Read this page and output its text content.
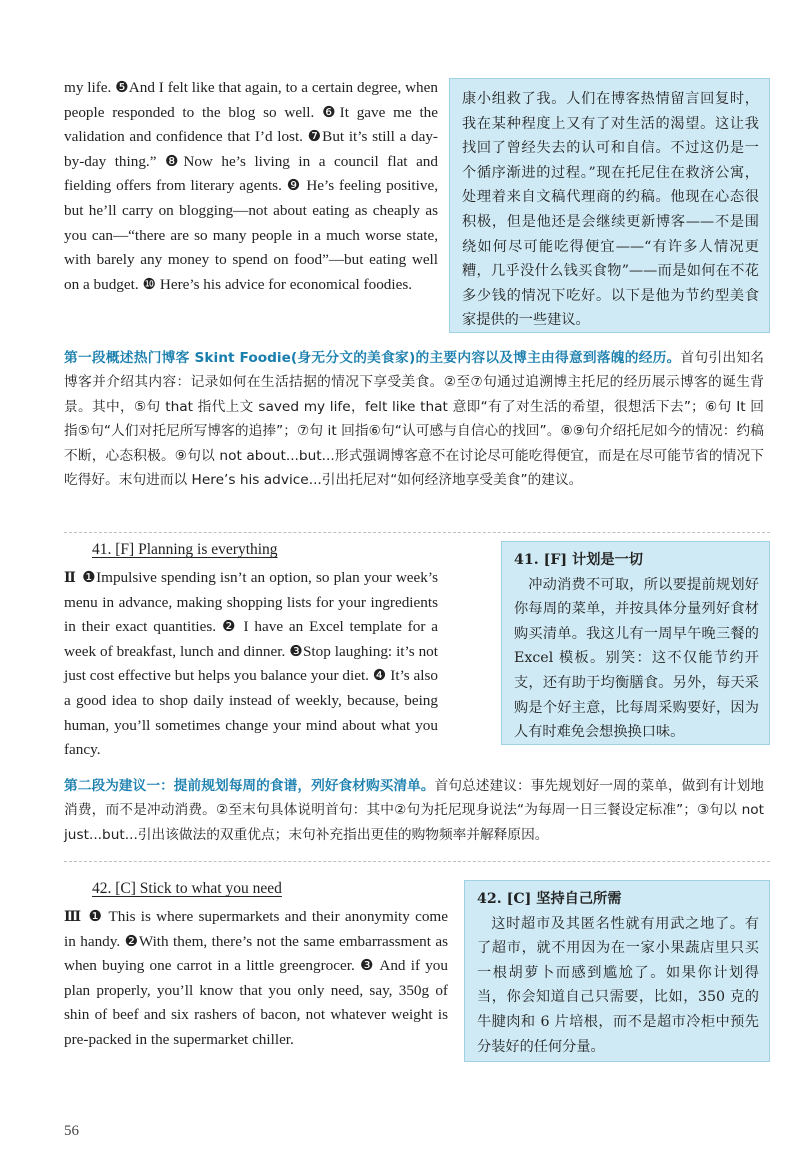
my life. ❺And I felt like that again, to a certain degree, when people responded to the blog so well. ❻It gave me the validation and confidence that I’d lost. ❼But it’s still a day-by-day thing.” ❽Now he’s living in a council flat and fielding offers from literary agents. ❾ He’s feeling positive, but he’ll carry on blogging—not about eating as cheaply as you can—“there are so many people in a much worse state, with barely any money to spend on food”—but eating well on a budget. ❿ Here’s his advice for economical foodies.

康小组救了我。人们在博客热情留言回复时，我在某种程度上又有了对生活的渴望。这让我找回了曾经失去的认可和自信。不过这仍是一个循序渐进的过程。”现在托尼住在救济公寓，处理着来自文稿代理商的约稿。他现在心态很积极，但是他还是会继续更新博客——不是围绕如何尽可能吃得便宜——“有许多人情况更糟，几乎没什么钱买食物”——而是如何在不花多少钱的情况下吃好。以下是他为节约型美食家提供的一些建议。

第一段概述热门博客 Skint Foodie(身无分文的美食家)的主要内容以及博主由得意到落魄的经历。首句引出知名博客并介绍其内容：记录如何在生活拮据的情况下享受美食。②至⑦句通过追溯博主托尼的经历展示博客的诞生背景。其中，⑤句 that 指代上文 saved my life，felt like that 意即“有了对生活的希望，很想活下去”；⑥句 It 回指⑤句“人们对托尼所写博客的追捧”；⑦句 it 回指⑥句“认可感与自信心的找回”。⑧⑨句介绍托尼如今的情况：约稿不断，心态积极。⑨句以 not about...but...形式强调博客意不在讨论尽可能吃得便宜，而是在尽可能节省的情况下吃得好。末句进而以 Here’s his advice...引出托尼对“如何经济地享受美食”的建议。

41. [F] Planning is everything

Ⅱ ❶Impulsive spending isn’t an option, so plan your week’s menu in advance, making shopping lists for your ingredients in their exact quantities. ❷ I have an Excel template for a week of breakfast, lunch and dinner. ❸Stop laughing: it’s not just cost effective but helps you balance your diet. ❹ It’s also a good idea to shop daily instead of weekly, because, being human, you’ll sometimes change your mind about what you fancy.

41. [F] 计划是一切

冲动消费不可取，所以要提前规划好你每周的菜单，并按具体分量列好食材购买清单。我这儿有一周早午晚三餐的 Excel 模板。别笑：这不仅能节约开支，还有助于均衡膳食。另外，每天采购是个好主意，比每周采购要好，因为人有时难免会想换换口味。

第二段为建议一：提前规划每周的食谱，列好食材购买清单。首句总述建议：事先规划好一周的菜单，做到有计划地消费，而不是冲动消费。②至末句具体说明首句：其中②句为托尼现身说法“为每周一日三餐设定标准”；③句以 not just...but...引出该做法的双重优点；末句补充指出更佳的购物频率并解释原因。

42. [C] Stick to what you need

Ⅲ ❶ This is where supermarkets and their anonymity come in handy. ❷With them, there’s not the same embarrassment as when buying one carrot in a little greengrocer. ❸ And if you plan properly, you’ll know that you only need, say, 350g of shin of beef and six rashers of bacon, not whatever weight is pre-packed in the supermarket chiller.

42. [C] 坚持自己所需

这时超市及其匿名性就有用武之地了。有了超市，就不用因为在一家小果蔬店里只买一根胡萝卜而感到尴尬了。如果你计划得当，你会知道自己只需要，比如，350 克的牛腱肉和 6 片培根，而不是超市冷柜中预先分装好的任何分量。

56
